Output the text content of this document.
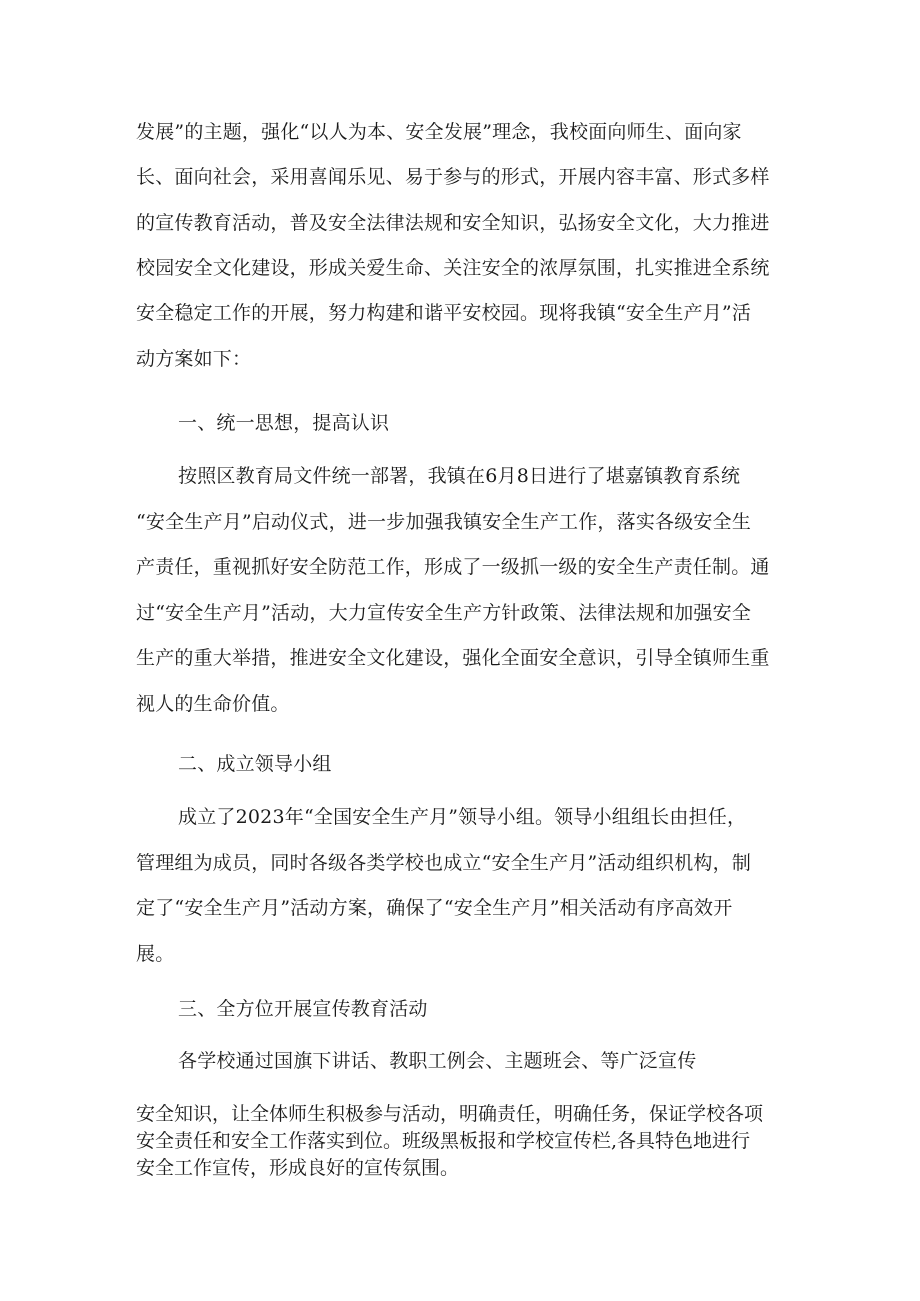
发展”的主题，强化“以人为本、安全发展”理念，我校面向师生、面向家
长、面向社会，采用喜闻乐见、易于参与的形式，开展内容丰富、形式多样
的宣传教育活动，普及安全法律法规和安全知识，弘扬安全文化，大力推进
校园安全文化建设，形成关爱生命、关注安全的浓厚氛围，扎实推进全系统
安全稳定工作的开展，努力构建和谐平安校园。现将我镇“安全生产月”活
动方案如下：
一、统一思想，提高认识
按照区教育局文件统一部署，我镇在6月8日进行了堪嘉镇教育系统
“安全生产月”启动仪式，进一步加强我镇安全生产工作，落实各级安全生
产责任，重视抓好安全防范工作，形成了一级抓一级的安全生产责任制。通
过“安全生产月”活动，大力宣传安全生产方针政策、法律法规和加强安全
生产的重大举措，推进安全文化建设，强化全面安全意识，引导全镇师生重
视人的生命价值。
二、成立领导小组
成立了2023年“全国安全生产月”领导小组。领导小组组长由担任，
管理组为成员，同时各级各类学校也成立“安全生产月”活动组织机构，制
定了“安全生产月”活动方案，确保了“安全生产月”相关活动有序高效开
展。
三、全方位开展宣传教育活动
各学校通过国旗下讲话、教职工例会、主题班会、等广泛宣传
安全知识，让全体师生积极参与活动，明确责任，明确任务，保证学校各项
安全责任和安全工作落实到位。班级黑板报和学校宣传栏,各具特色地进行
安全工作宣传，形成良好的宣传氛围。
